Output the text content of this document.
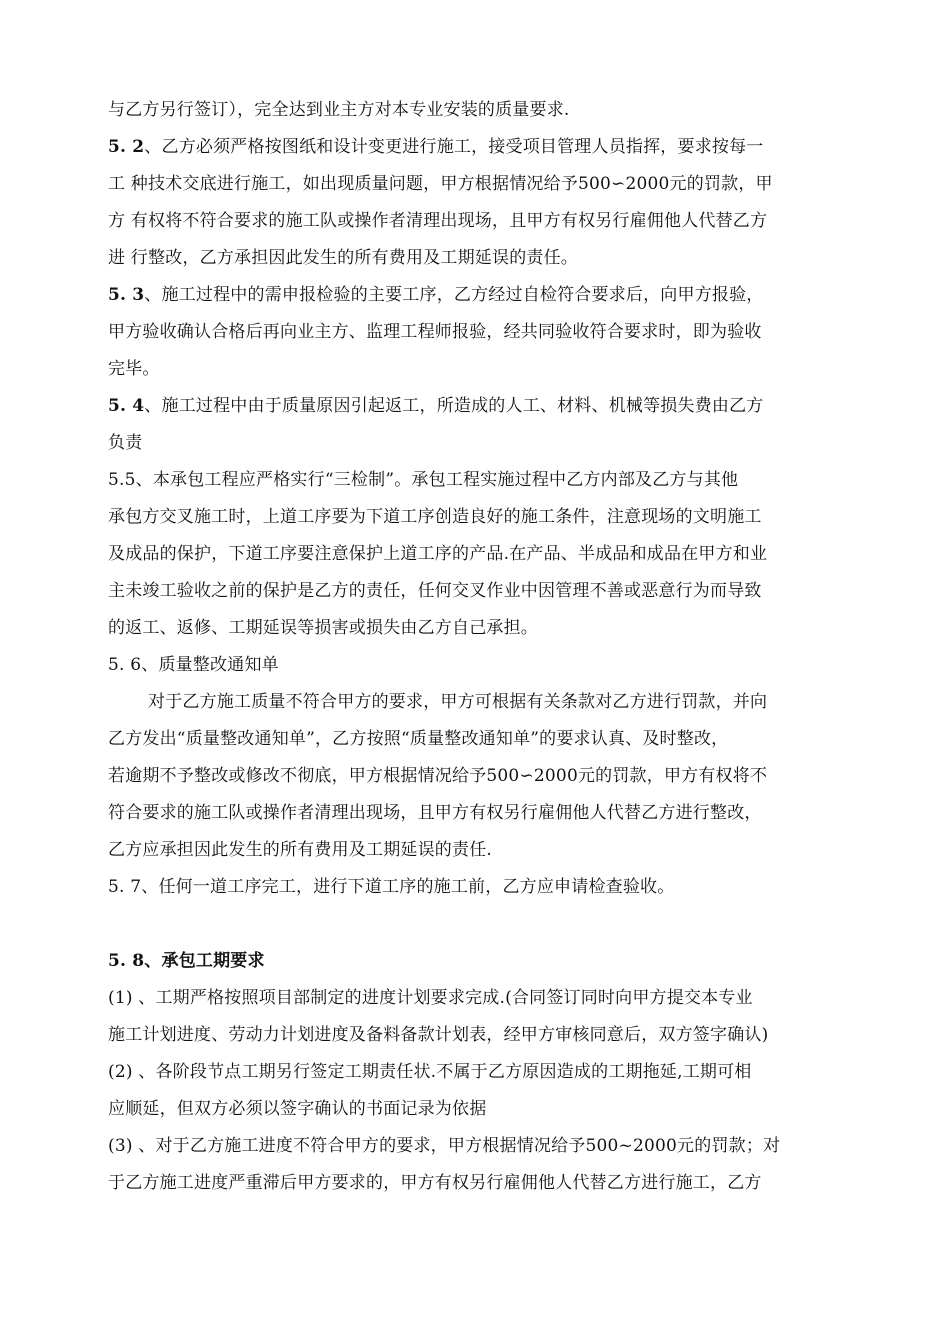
与乙方另行签订），完全达到业主方对本专业安装的质量要求.
5. 2、乙方必须严格按图纸和设计变更进行施工，接受项目管理人员指挥，要求按每一
工 种技术交底进行施工，如出现质量问题，甲方根据情况给予500∽2000元的罚款，甲
方 有权将不符合要求的施工队或操作者清理出现场，且甲方有权另行雇佣他人代替乙方
进 行整改，乙方承担因此发生的所有费用及工期延误的责任。
5. 3、施工过程中的需申报检验的主要工序，乙方经过自检符合要求后，向甲方报验，
甲方验收确认合格后再向业主方、监理工程师报验，经共同验收符合要求时，即为验收
完毕。
5. 4、施工过程中由于质量原因引起返工，所造成的人工、材料、机械等损失费由乙方
负责
5.5、本承包工程应严格实行“三检制”。承包工程实施过程中乙方内部及乙方与其他
承包方交叉施工时，上道工序要为下道工序创造良好的施工条件，注意现场的文明施工
及成品的保护，下道工序要注意保护上道工序的产品.在产品、半成品和成品在甲方和业
主未竣工验收之前的保护是乙方的责任，任何交叉作业中因管理不善或恶意行为而导致
的返工、返修、工期延误等损害或损失由乙方自己承担。
5. 6、质量整改通知单
对于乙方施工质量不符合甲方的要求，甲方可根据有关条款对乙方进行罚款，并向
乙方发出“质量整改通知单”，乙方按照“质量整改通知单”的要求认真、及时整改，
若逾期不予整改或修改不彻底，甲方根据情况给予500∽2000元的罚款，甲方有权将不
符合要求的施工队或操作者清理出现场，且甲方有权另行雇佣他人代替乙方进行整改，
乙方应承担因此发生的所有费用及工期延误的责任.
5. 7、任何一道工序完工，进行下道工序的施工前，乙方应申请检查验收。
5. 8、承包工期要求
(1) 、工期严格按照项目部制定的进度计划要求完成.(合同签订同时向甲方提交本专业
施工计划进度、劳动力计划进度及备料备款计划表，经甲方审核同意后，双方签字确认)
(2) 、各阶段节点工期另行签定工期责任状.不属于乙方原因造成的工期拖延,工期可相
应顺延，但双方必须以签字确认的书面记录为依据
(3) 、对于乙方施工进度不符合甲方的要求，甲方根据情况给予500~2000元的罚款；对
于乙方施工进度严重滞后甲方要求的，甲方有权另行雇佣他人代替乙方进行施工，乙方
